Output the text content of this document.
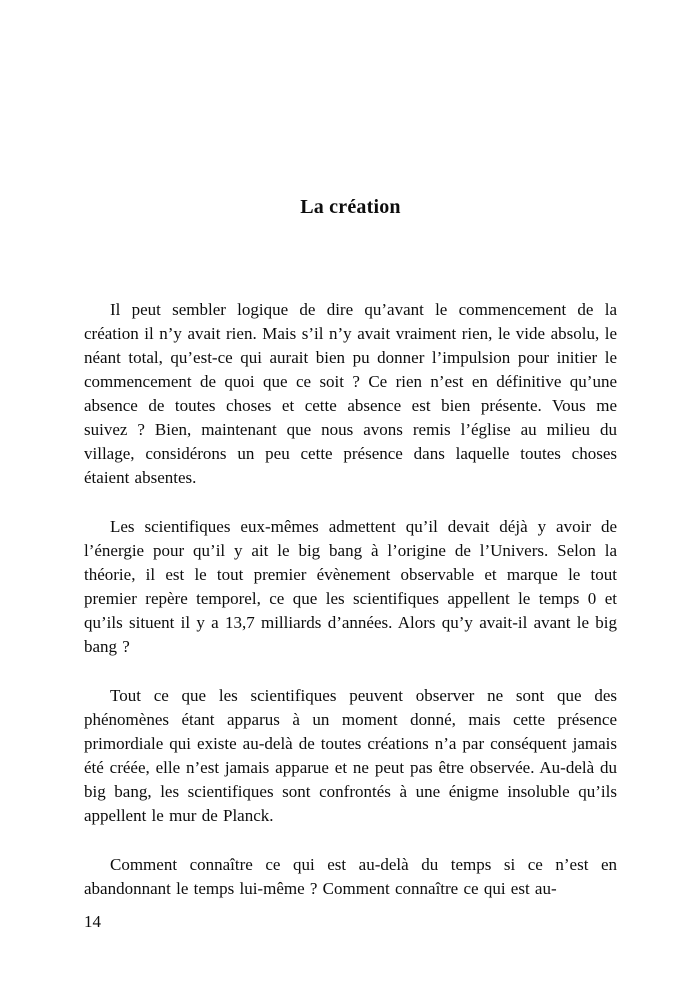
La création

Il peut sembler logique de dire qu’avant le commencement de la création il n’y avait rien. Mais s’il n’y avait vraiment rien, le vide absolu, le néant total, qu’est-ce qui aurait bien pu donner l’impulsion pour initier le commencement de quoi que ce soit ? Ce rien n’est en définitive qu’une absence de toutes choses et cette absence est bien présente. Vous me suivez ? Bien, maintenant que nous avons remis l’église au milieu du village, considérons un peu cette présence dans laquelle toutes choses étaient absentes.

Les scientifiques eux-mêmes admettent qu’il devait déjà y avoir de l’énergie pour qu’il y ait le big bang à l’origine de l’Univers. Selon la théorie, il est le tout premier évènement observable et marque le tout premier repère temporel, ce que les scientifiques appellent le temps 0 et qu’ils situent il y a 13,7 milliards d’années. Alors qu’y avait-il avant le big bang ?

Tout ce que les scientifiques peuvent observer ne sont que des phénomènes étant apparus à un moment donné, mais cette présence primordiale qui existe au-delà de toutes créations n’a par conséquent jamais été créée, elle n’est jamais apparue et ne peut pas être observée. Au-delà du big bang, les scientifiques sont confrontés à une énigme insoluble qu’ils appellent le mur de Planck.

Comment connaître ce qui est au-delà du temps si ce n’est en abandonnant le temps lui-même ? Comment connaître ce qui est au-

14
